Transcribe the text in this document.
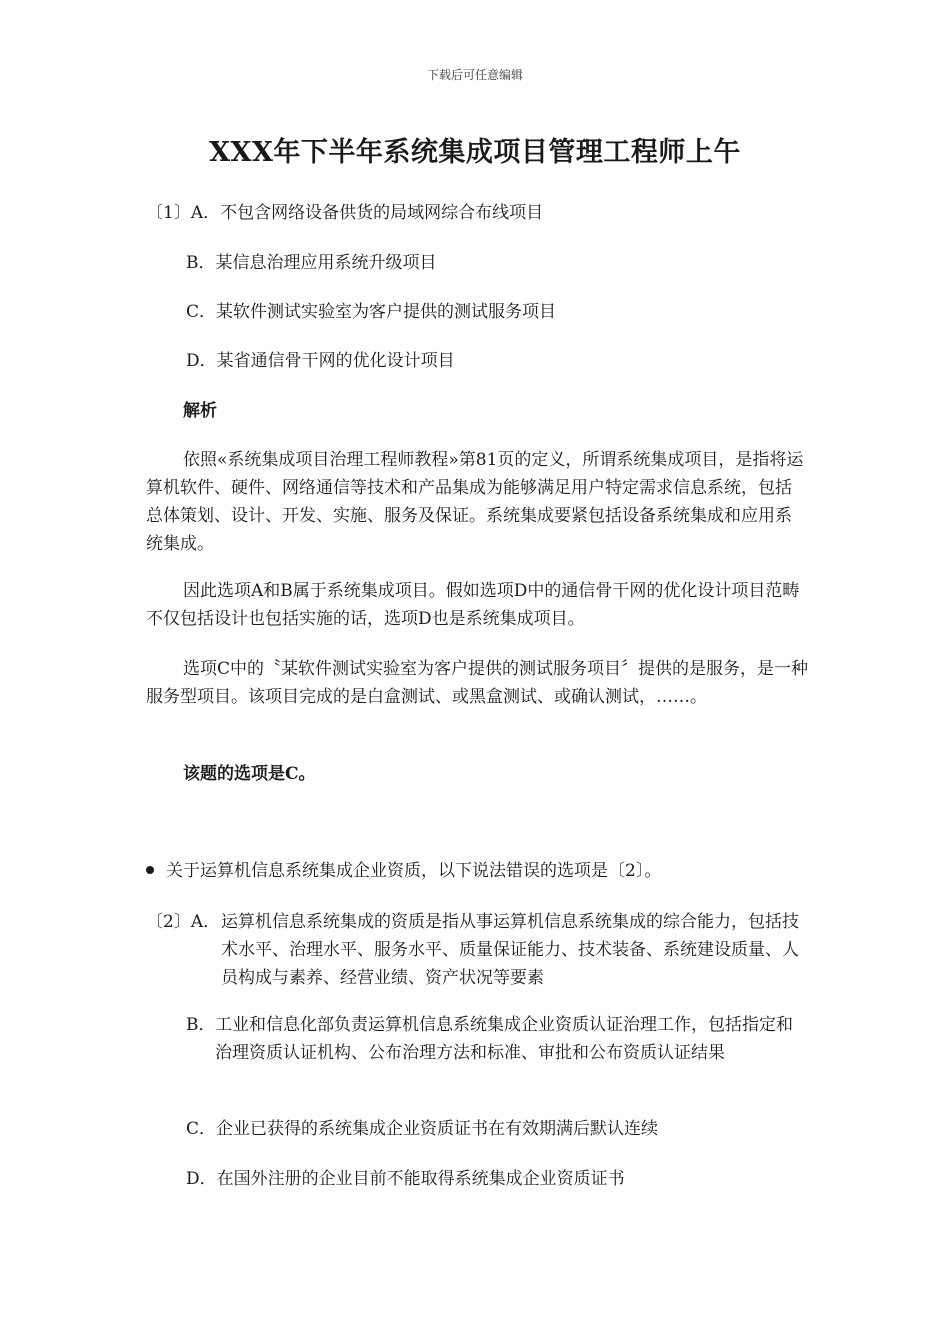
下载后可任意编辑
XXX年下半年系统集成项目管理工程师上午
〔1〕A．不包含网络设备供货的局域网综合布线项目
B．某信息治理应用系统升级项目
C．某软件测试实验室为客户提供的测试服务项目
D．某省通信骨干网的优化设计项目
解析
依照«系统集成项目治理工程师教程»第81页的定义，所谓系统集成项目，是指将运算机软件、硬件、网络通信等技术和产品集成为能够满足用户特定需求信息系统，包括总体策划、设计、开发、实施、服务及保证。系统集成要紧包括设备系统集成和应用系统集成。
因此选项A和B属于系统集成项目。假如选项D中的通信骨干网的优化设计项目范畴不仅包括设计也包括实施的话，选项D也是系统集成项目。
选项C中的〝某软件测试实验室为客户提供的测试服务项目〞提供的是服务，是一种服务型项目。该项目完成的是白盒测试、或黑盒测试、或确认测试，……。
该题的选项是C。
关于运算机信息系统集成企业资质，以下说法错误的选项是〔2〕。
〔2〕A． 运算机信息系统集成的资质是指从事运算机信息系统集成的综合能力，包括技术水平、治理水平、服务水平、质量保证能力、技术装备、系统建设质量、人员构成与素养、经营业绩、资产状况等要素
B． 工业和信息化部负责运算机信息系统集成企业资质认证治理工作，包括指定和治理资质认证机构、公布治理方法和标准、审批和公布资质认证结果
C．企业已获得的系统集成企业资质证书在有效期满后默认连续
D．在国外注册的企业目前不能取得系统集成企业资质证书
